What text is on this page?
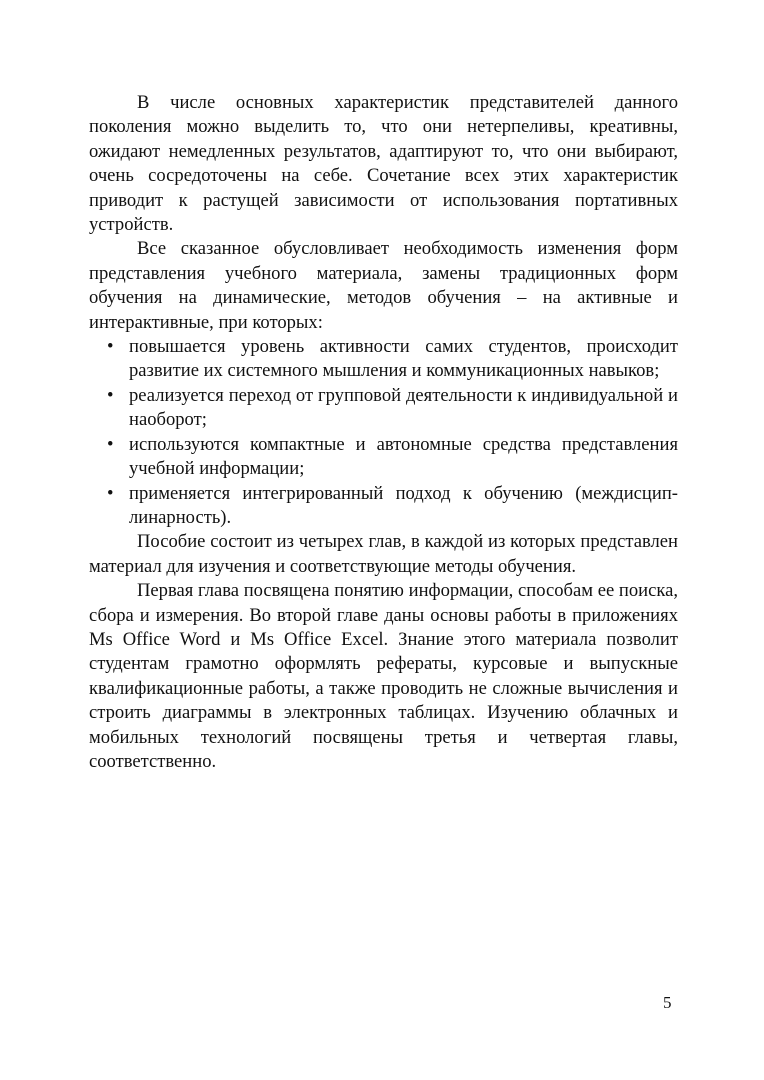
В числе основных характеристик представителей данного поколения можно выделить то, что они нетерпеливы, креативны, ожидают немедленных результатов, адаптируют то, что они выбирают, очень сосредоточены на себе. Сочетание всех этих характеристик приводит к растущей зависимости от использования портативных устройств.

Все сказанное обусловливает необходимость изменения форм представления учебного материала, замены традиционных форм обучения на динамические, методов обучения – на активные и интерактивные, при которых:

• повышается уровень активности самих студентов, происходит развитие их системного мышления и коммуникационных навыков;
• реализуется переход от групповой деятельности к индивидуальной и наоборот;
• используются компактные и автономные средства представления учебной информации;
• применяется интегрированный подход к обучению (междисциплинарность).

Пособие состоит из четырех глав, в каждой из которых представлен материал для изучения и соответствующие методы обучения.

Первая глава посвящена понятию информации, способам ее поиска, сбора и измерения. Во второй главе даны основы работы в приложениях Ms Office Word и Ms Office Excel. Знание этого материала позволит студентам грамотно оформлять рефераты, курсовые и выпускные квалификационные работы, а также проводить не сложные вычисления и строить диаграммы в электронных таблицах. Изучению облачных и мобильных технологий посвящены третья и четвертая главы, соответственно.

5
